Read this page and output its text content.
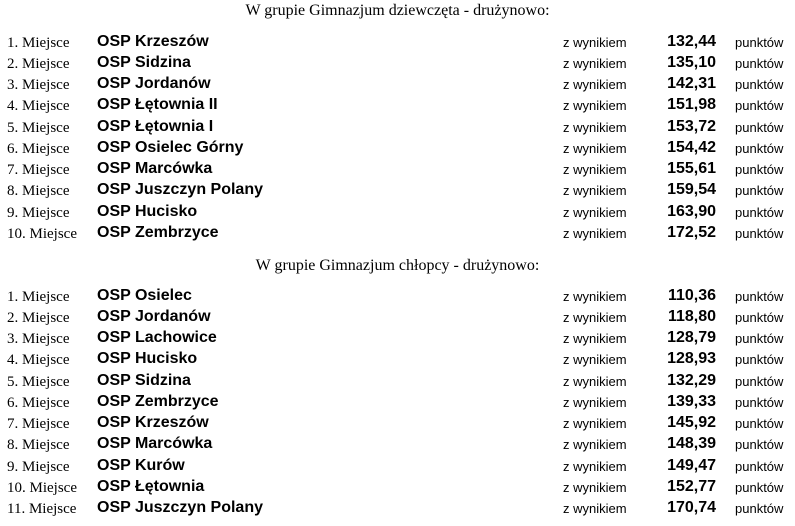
W grupie Gimnazjum dziewczęta - drużynowo:
1. Miejsce OSP Krzeszów	z wynikiem	132,44 punktów
2. Miejsce OSP Sidzina	z wynikiem	135,10 punktów
3. Miejsce OSP Jordanów	z wynikiem	142,31 punktów
4. Miejsce OSP Łętownia II	z wynikiem	151,98 punktów
5. Miejsce OSP Łętownia I	z wynikiem	153,72 punktów
6. Miejsce OSP Osielec Górny	z wynikiem	154,42 punktów
7. Miejsce OSP Marcówka	z wynikiem	155,61 punktów
8. Miejsce OSP Juszczyn Polany	z wynikiem	159,54 punktów
9. Miejsce OSP Hucisko	z wynikiem	163,90 punktów
10. Miejsce OSP Zembrzyce	z wynikiem	172,52 punktów
W grupie Gimnazjum chłopcy - drużynowo:
1. Miejsce OSP Osielec	z wynikiem	110,36 punktów
2. Miejsce OSP Jordanów	z wynikiem	118,80 punktów
3. Miejsce OSP Lachowice	z wynikiem	128,79 punktów
4. Miejsce OSP Hucisko	z wynikiem	128,93 punktów
5. Miejsce OSP Sidzina	z wynikiem	132,29 punktów
6. Miejsce OSP Zembrzyce	z wynikiem	139,33 punktów
7. Miejsce OSP Krzeszów	z wynikiem	145,92 punktów
8. Miejsce OSP Marcówka	z wynikiem	148,39 punktów
9. Miejsce OSP Kurów	z wynikiem	149,47 punktów
10. Miejsce OSP Łętownia	z wynikiem	152,77 punktów
11. Miejsce OSP Juszczyn Polany	z wynikiem	170,74 punktów
